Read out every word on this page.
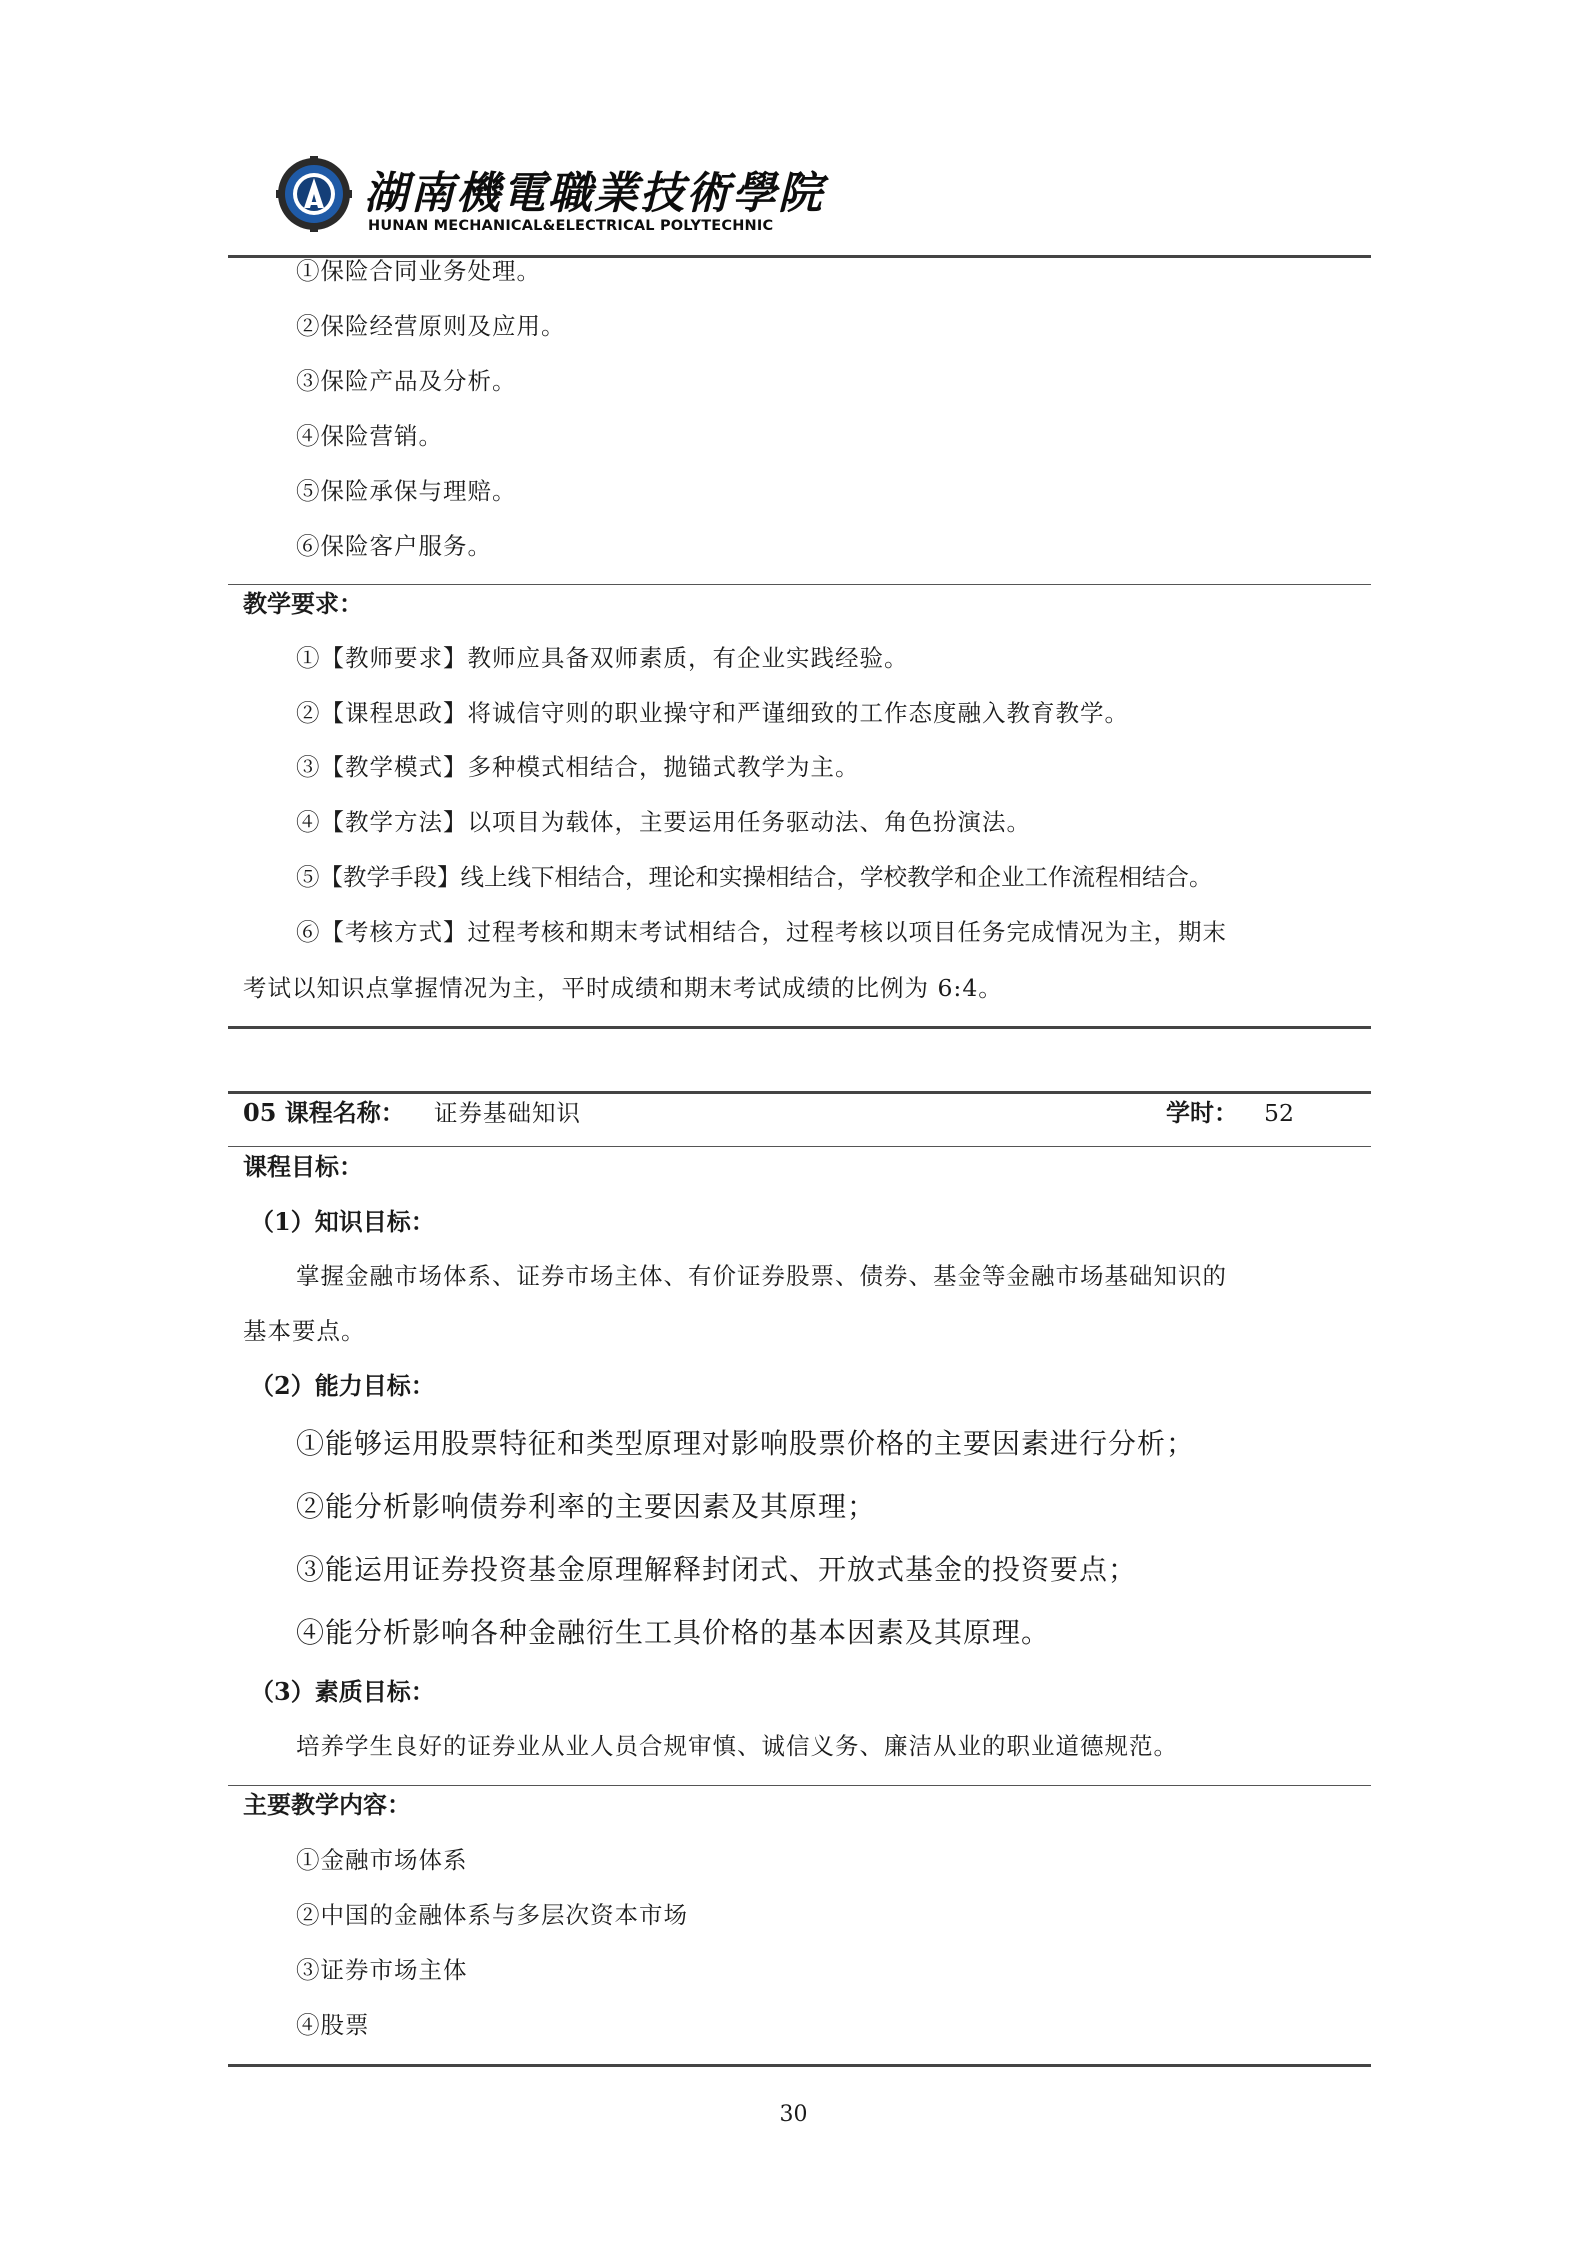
湖南機電職業技術學院
HUNAN MECHANICAL&ELECTRICAL POLYTECHNIC
①保险合同业务处理。
②保险经营原则及应用。
③保险产品及分析。
④保险营销。
⑤保险承保与理赔。
⑥保险客户服务。
教学要求：
①【教师要求】教师应具备双师素质，有企业实践经验。
②【课程思政】将诚信守则的职业操守和严谨细致的工作态度融入教育教学。
③【教学模式】多种模式相结合，抛锚式教学为主。
④【教学方法】以项目为载体，主要运用任务驱动法、角色扮演法。
⑤【教学手段】线上线下相结合，理论和实操相结合，学校教学和企业工作流程相结合。
⑥【考核方式】过程考核和期末考试相结合，过程考核以项目任务完成情况为主，期末
考试以知识点掌握情况为主，平时成绩和期末考试成绩的比例为 6:4。
05 课程名称： 证券基础知识	学时： 52
课程目标：
（1）知识目标：
掌握金融市场体系、证券市场主体、有价证券股票、债券、基金等金融市场基础知识的
基本要点。
（2）能力目标：
①能够运用股票特征和类型原理对影响股票价格的主要因素进行分析；
②能分析影响债券利率的主要因素及其原理；
③能运用证券投资基金原理解释封闭式、开放式基金的投资要点；
④能分析影响各种金融衍生工具价格的基本因素及其原理。
（3）素质目标：
培养学生良好的证券业从业人员合规审慎、诚信义务、廉洁从业的职业道德规范。
主要教学内容：
①金融市场体系
②中国的金融体系与多层次资本市场
③证券市场主体
④股票
30
